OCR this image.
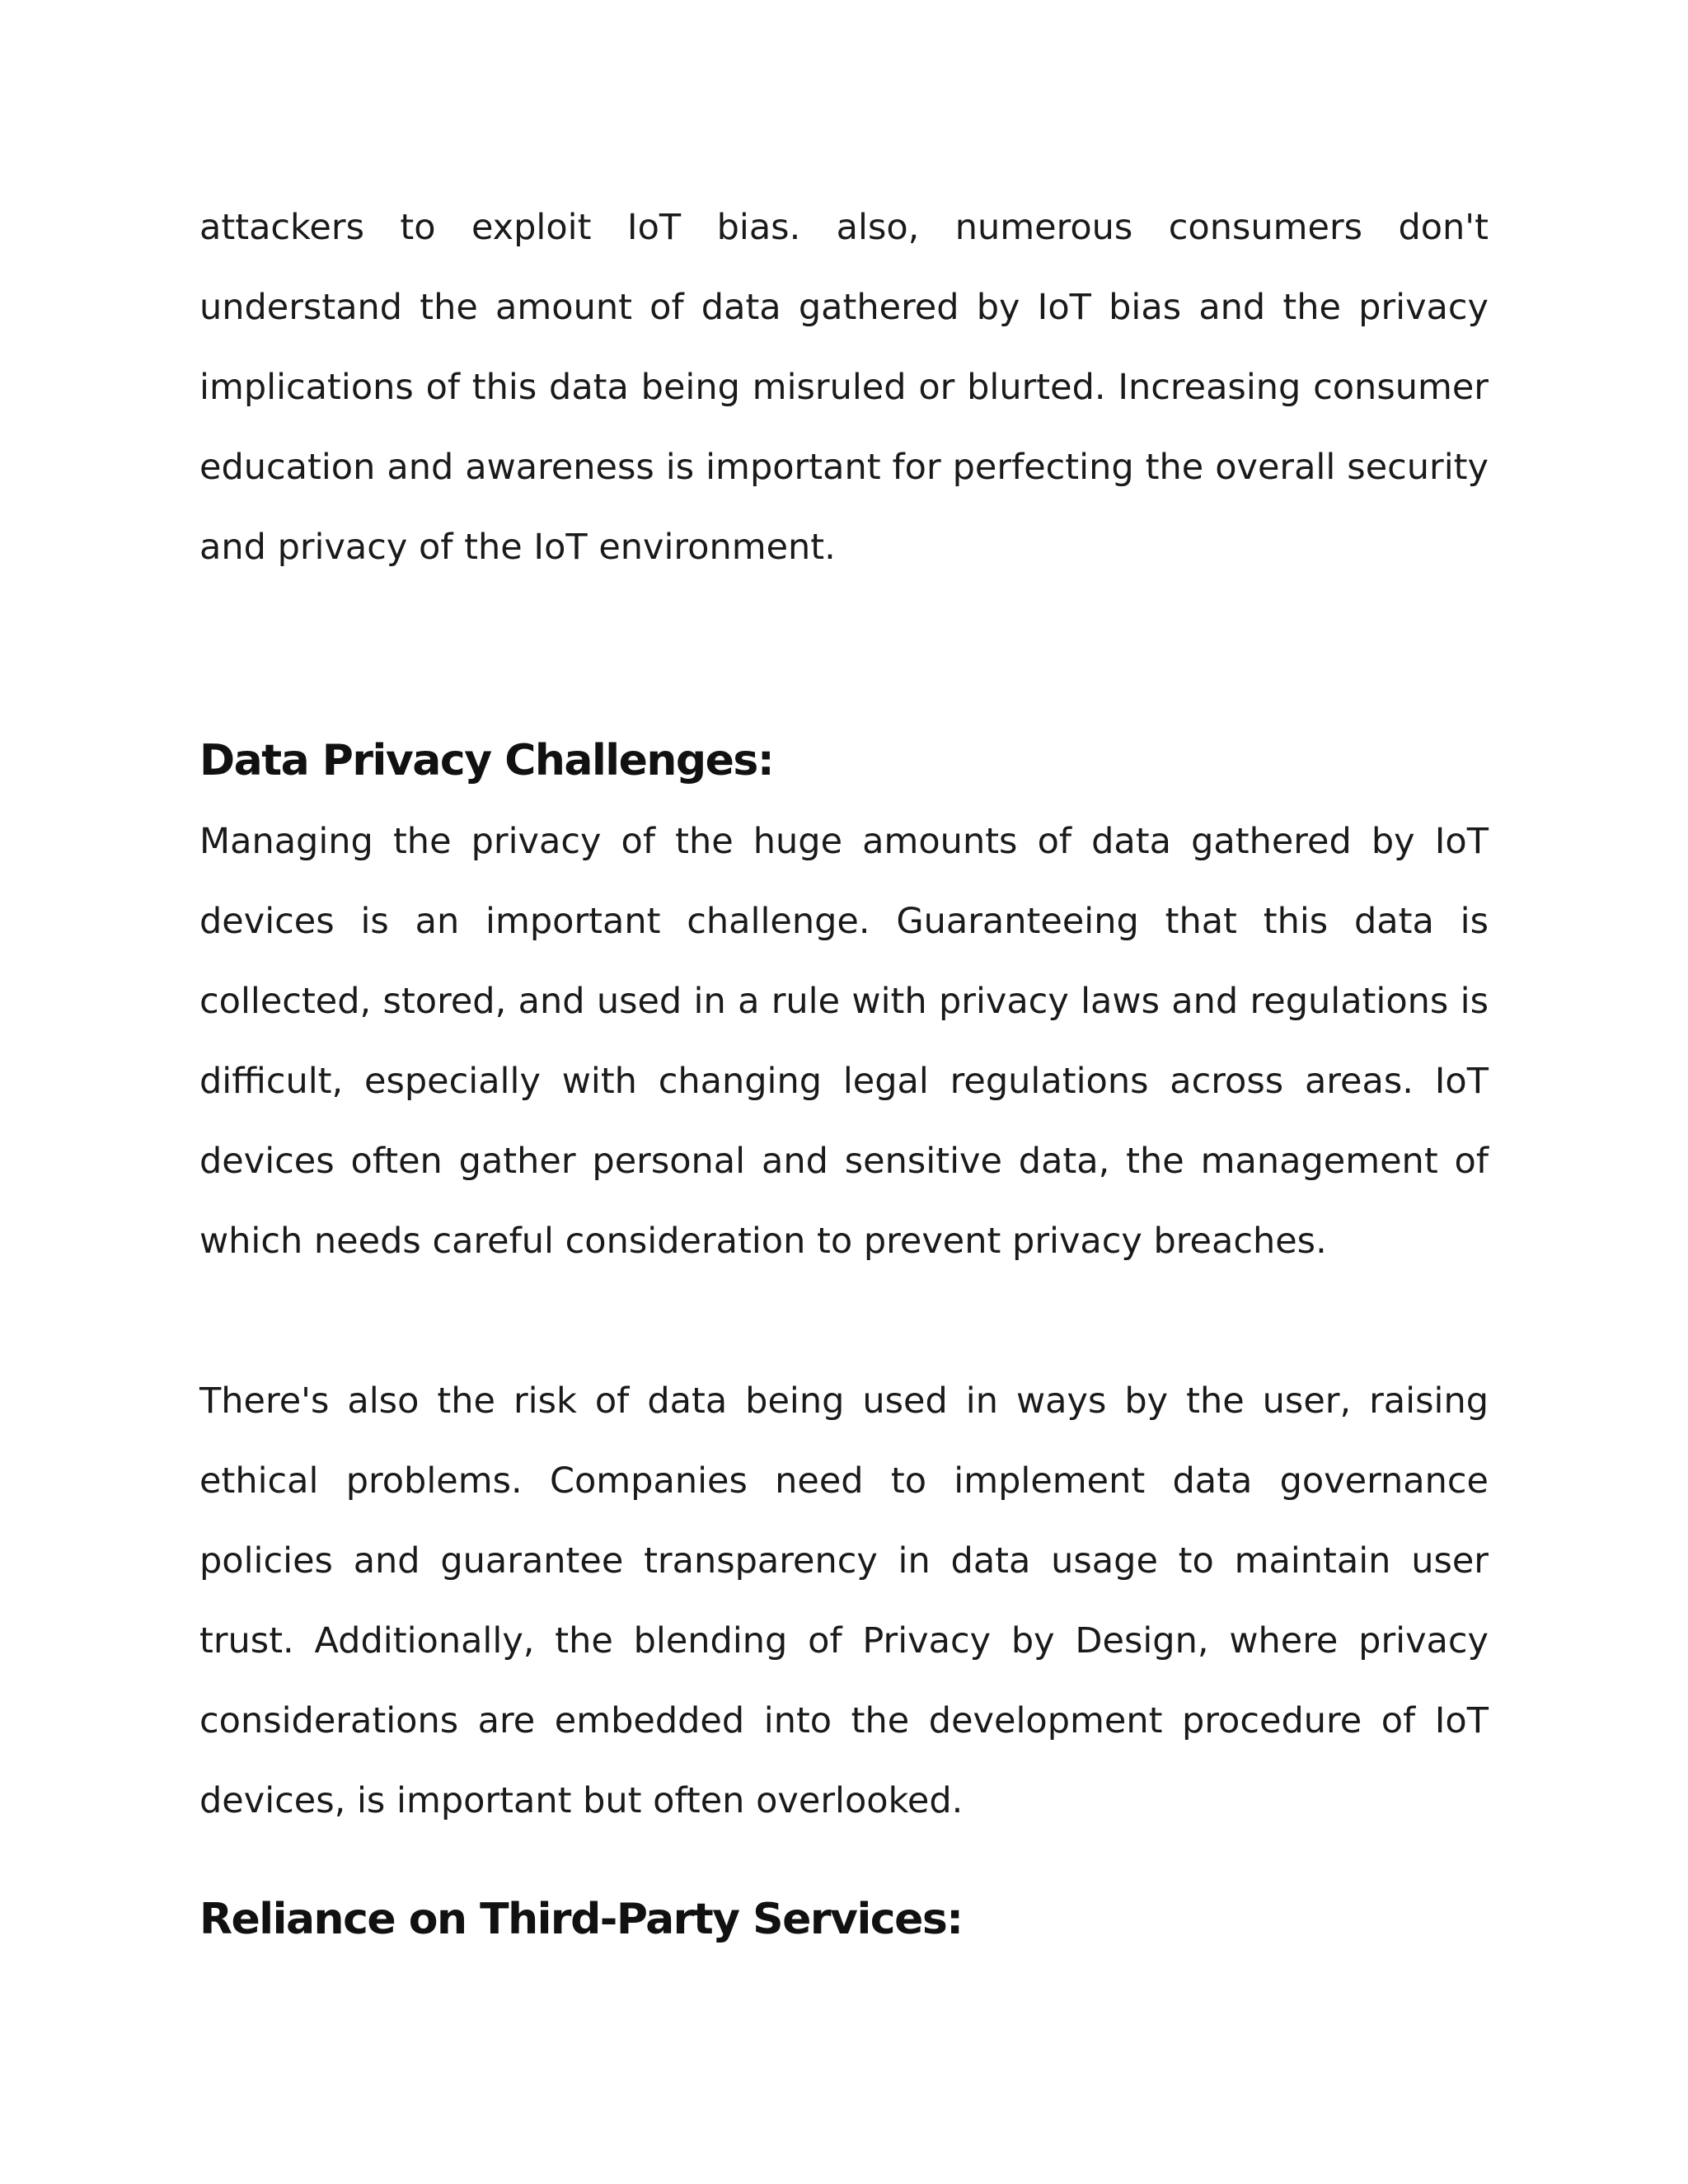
attackers to exploit IoT bias. also, numerous consumers don't understand the amount of data gathered by IoT bias and the privacy implications of this data being misruled or blurted. Increasing consumer education and awareness is important for perfecting the overall security and privacy of the IoT environment.

Data Privacy Challenges:

Managing the privacy of the huge amounts of data gathered by IoT devices is an important challenge. Guaranteeing that this data is collected, stored, and used in a rule with privacy laws and regulations is difficult, especially with changing legal regulations across areas. IoT devices often gather personal and sensitive data, the management of which needs careful consideration to prevent privacy breaches.

There's also the risk of data being used in ways by the user, raising ethical problems. Companies need to implement data governance policies and guarantee transparency in data usage to maintain user trust. Additionally, the blending of Privacy by Design, where privacy considerations are embedded into the development procedure of IoT devices, is important but often overlooked.

Reliance on Third-Party Services:
